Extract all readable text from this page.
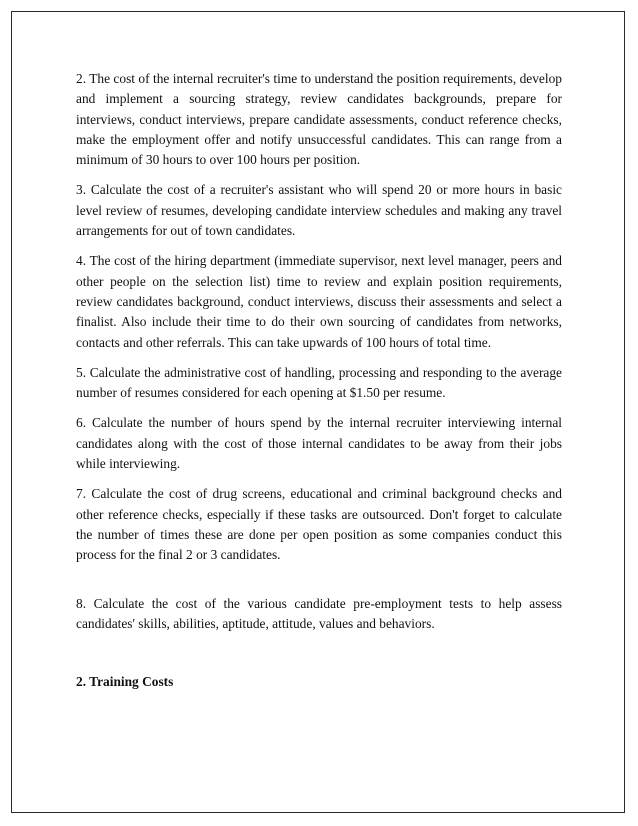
2. The cost of the internal recruiter's time to understand the position requirements, develop and implement a sourcing strategy, review candidates backgrounds, prepare for interviews, conduct interviews, prepare candidate assessments, conduct reference checks, make the employment offer and notify unsuccessful candidates. This can range from a minimum of 30 hours to over 100 hours per position.

3. Calculate the cost of a recruiter's assistant who will spend 20 or more hours in basic level review of resumes, developing candidate interview schedules and making any travel arrangements for out of town candidates.

4. The cost of the hiring department (immediate supervisor, next level manager, peers and other people on the selection list) time to review and explain position requirements, review candidates background, conduct interviews, discuss their assessments and select a finalist. Also include their time to do their own sourcing of candidates from networks, contacts and other referrals. This can take upwards of 100 hours of total time.

5. Calculate the administrative cost of handling, processing and responding to the average number of resumes considered for each opening at $1.50 per resume.

6. Calculate the number of hours spend by the internal recruiter interviewing internal candidates along with the cost of those internal candidates to be away from their jobs while interviewing.

7. Calculate the cost of drug screens, educational and criminal background checks and other reference checks, especially if these tasks are outsourced. Don't forget to calculate the number of times these are done per open position as some companies conduct this process for the final 2 or 3 candidates.

8. Calculate the cost of the various candidate pre-employment tests to help assess candidates' skills, abilities, aptitude, attitude, values and behaviors.

2. Training Costs
